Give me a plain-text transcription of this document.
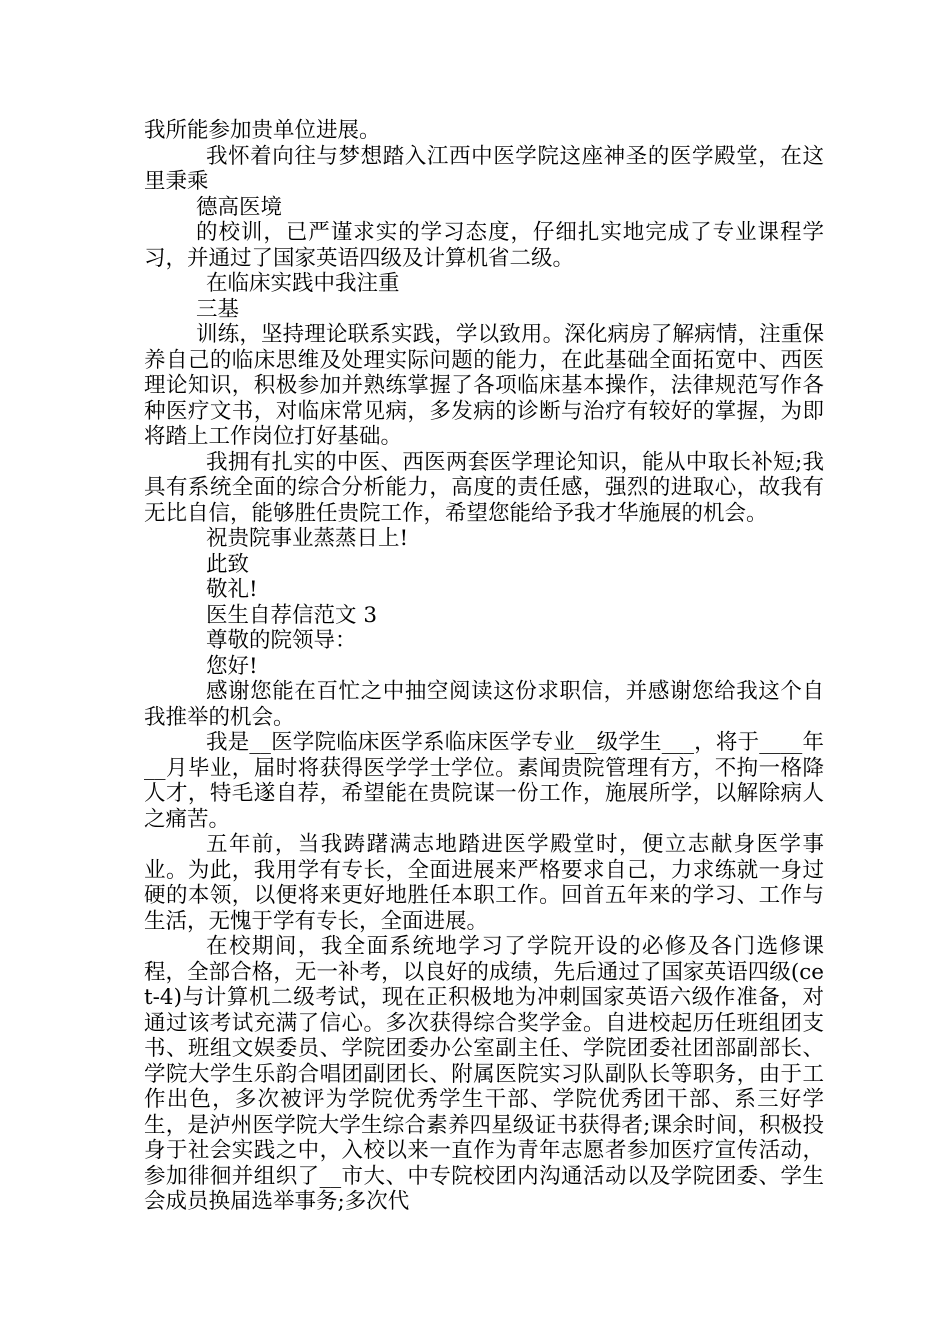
我所能参加贵单位进展。

我怀着向往与梦想踏入江西中医学院这座神圣的医学殿堂，在这里秉乘

德高医境

的校训，已严谨求实的学习态度，仔细扎实地完成了专业课程学习，并通过了国家英语四级及计算机省二级。

在临床实践中我注重

三基

训练，坚持理论联系实践，学以致用。深化病房了解病情，注重保养自己的临床思维及处理实际问题的能力，在此基础全面拓宽中、西医理论知识，积极参加并熟练掌握了各项临床基本操作，法律规范写作各种医疗文书，对临床常见病，多发病的诊断与治疗有较好的掌握，为即将踏上工作岗位打好基础。

我拥有扎实的中医、西医两套医学理论知识，能从中取长补短;我具有系统全面的综合分析能力，高度的责任感，强烈的进取心，故我有无比自信，能够胜任贵院工作，希望您能给予我才华施展的机会。

祝贵院事业蒸蒸日上!

此致

敬礼!

医生自荐信范文 3

尊敬的院领导：

您好!

感谢您能在百忙之中抽空阅读这份求职信，并感谢您给我这个自我推举的机会。

我是__医学院临床医学系临床医学专业__级学生___，将于____年__月毕业，届时将获得医学学士学位。素闻贵院管理有方，不拘一格降人才，特毛遂自荐，希望能在贵院谋一份工作，施展所学，以解除病人之痛苦。

五年前，当我踌躇满志地踏进医学殿堂时，便立志献身医学事业。为此，我用学有专长，全面进展来严格要求自己，力求练就一身过硬的本领，以便将来更好地胜任本职工作。回首五年来的学习、工作与生活，无愧于学有专长，全面进展。

在校期间，我全面系统地学习了学院开设的必修及各门选修课程，全部合格，无一补考，以良好的成绩，先后通过了国家英语四级(cet-4)与计算机二级考试，现在正积极地为冲刺国家英语六级作准备，对通过该考试充满了信心。多次获得综合奖学金。自进校起历任班组团支书、班组文娱委员、学院团委办公室副主任、学院团委社团部副部长、学院大学生乐韵合唱团副团长、附属医院实习队副队长等职务，由于工作出色，多次被评为学院优秀学生干部、学院优秀团干部、系三好学生，是泸州医学院大学生综合素养四星级证书获得者;课余时间，积极投身于社会实践之中，入校以来一直作为青年志愿者参加医疗宣传活动，参加徘徊并组织了__市大、中专院校团内沟通活动以及学院团委、学生会成员换届选举事务;多次代
